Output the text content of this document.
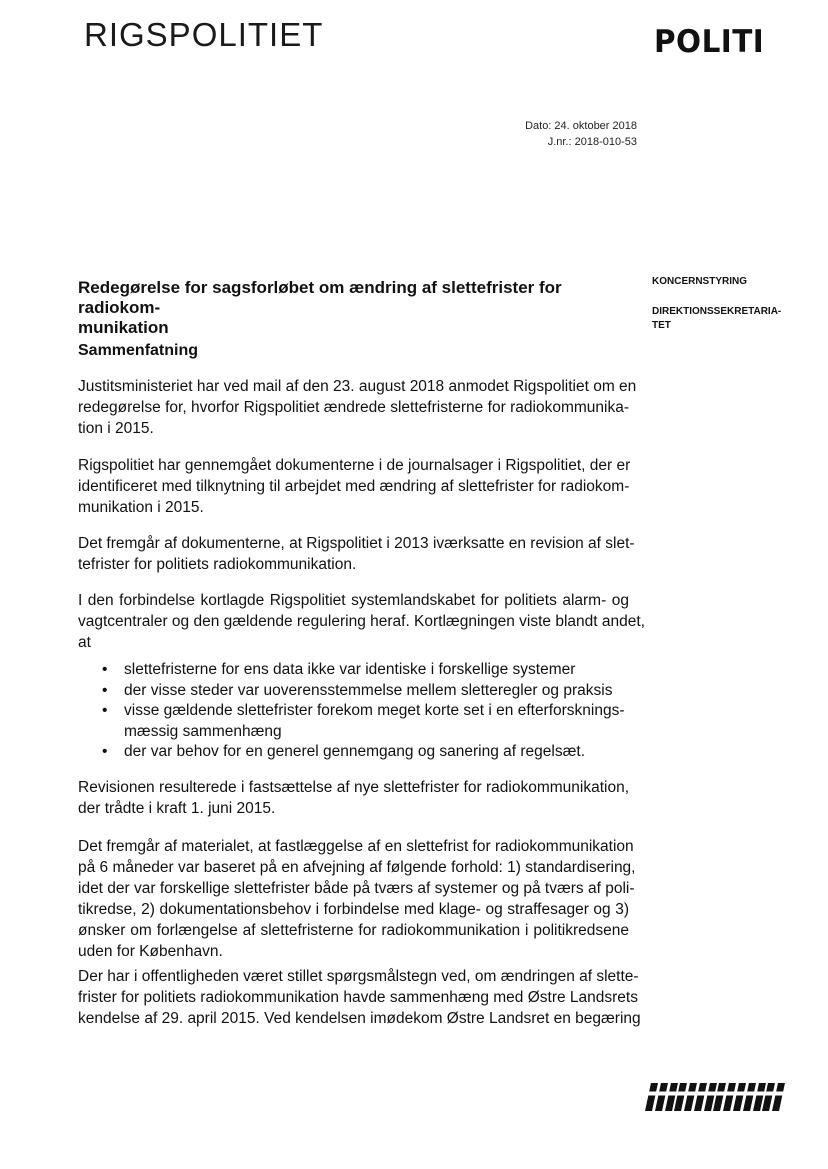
RIGSPOLITIET	POLITI
Dato: 24. oktober 2018
J.nr.: 2018-010-53
KONCERNSTYRING
DIREKTIONSSEKRETARIA-
TET
Redegørelse for sagsforløbet om ændring af slettefrister for radiokom-
munikation
Sammenfatning
Justitsministeriet har ved mail af den 23. august 2018 anmodet Rigspolitiet om en
redegørelse for, hvorfor Rigspolitiet ændrede slettefristerne for radiokommunika-
tion i 2015.
Rigspolitiet har gennemgået dokumenterne i de journalsager i Rigspolitiet, der er
identificeret med tilknytning til arbejdet med ændring af slettefrister for radiokom-
munikation i 2015.
Det fremgår af dokumenterne, at Rigspolitiet i 2013 iværksatte en revision af slet-
tefrister for politiets radiokommunikation.
I den forbindelse kortlagde Rigspolitiet systemlandskabet for politiets alarm- og
vagtcentraler og den gældende regulering heraf. Kortlægningen viste blandt andet,
at
• slettefristerne for ens data ikke var identiske i forskellige systemer
• der visse steder var uoverensstemmelse mellem sletteregler og praksis
• visse gældende slettefrister forekom meget korte set i en efterforsknings-
mæssig sammenhæng
• der var behov for en generel gennemgang og sanering af regelsæt.
Revisionen resulterede i fastsættelse af nye slettefrister for radiokommunikation,
der trådte i kraft 1. juni 2015.
Det fremgår af materialet, at fastlæggelse af en slettefrist for radiokommunikation
på 6 måneder var baseret på en afvejning af følgende forhold: 1) standardisering,
idet der var forskellige slettefrister både på tværs af systemer og på tværs af poli-
tikredse, 2) dokumentationsbehov i forbindelse med klage- og straffesager og 3)
ønsker om forlængelse af slettefristerne for radiokommunikation i politikredsene
uden for København.
Der har i offentligheden været stillet spørgsmålstegn ved, om ændringen af slette-
frister for politiets radiokommunikation havde sammenhæng med Østre Landsrets
kendelse af 29. april 2015. Ved kendelsen imødekom Østre Landsret en begæring
